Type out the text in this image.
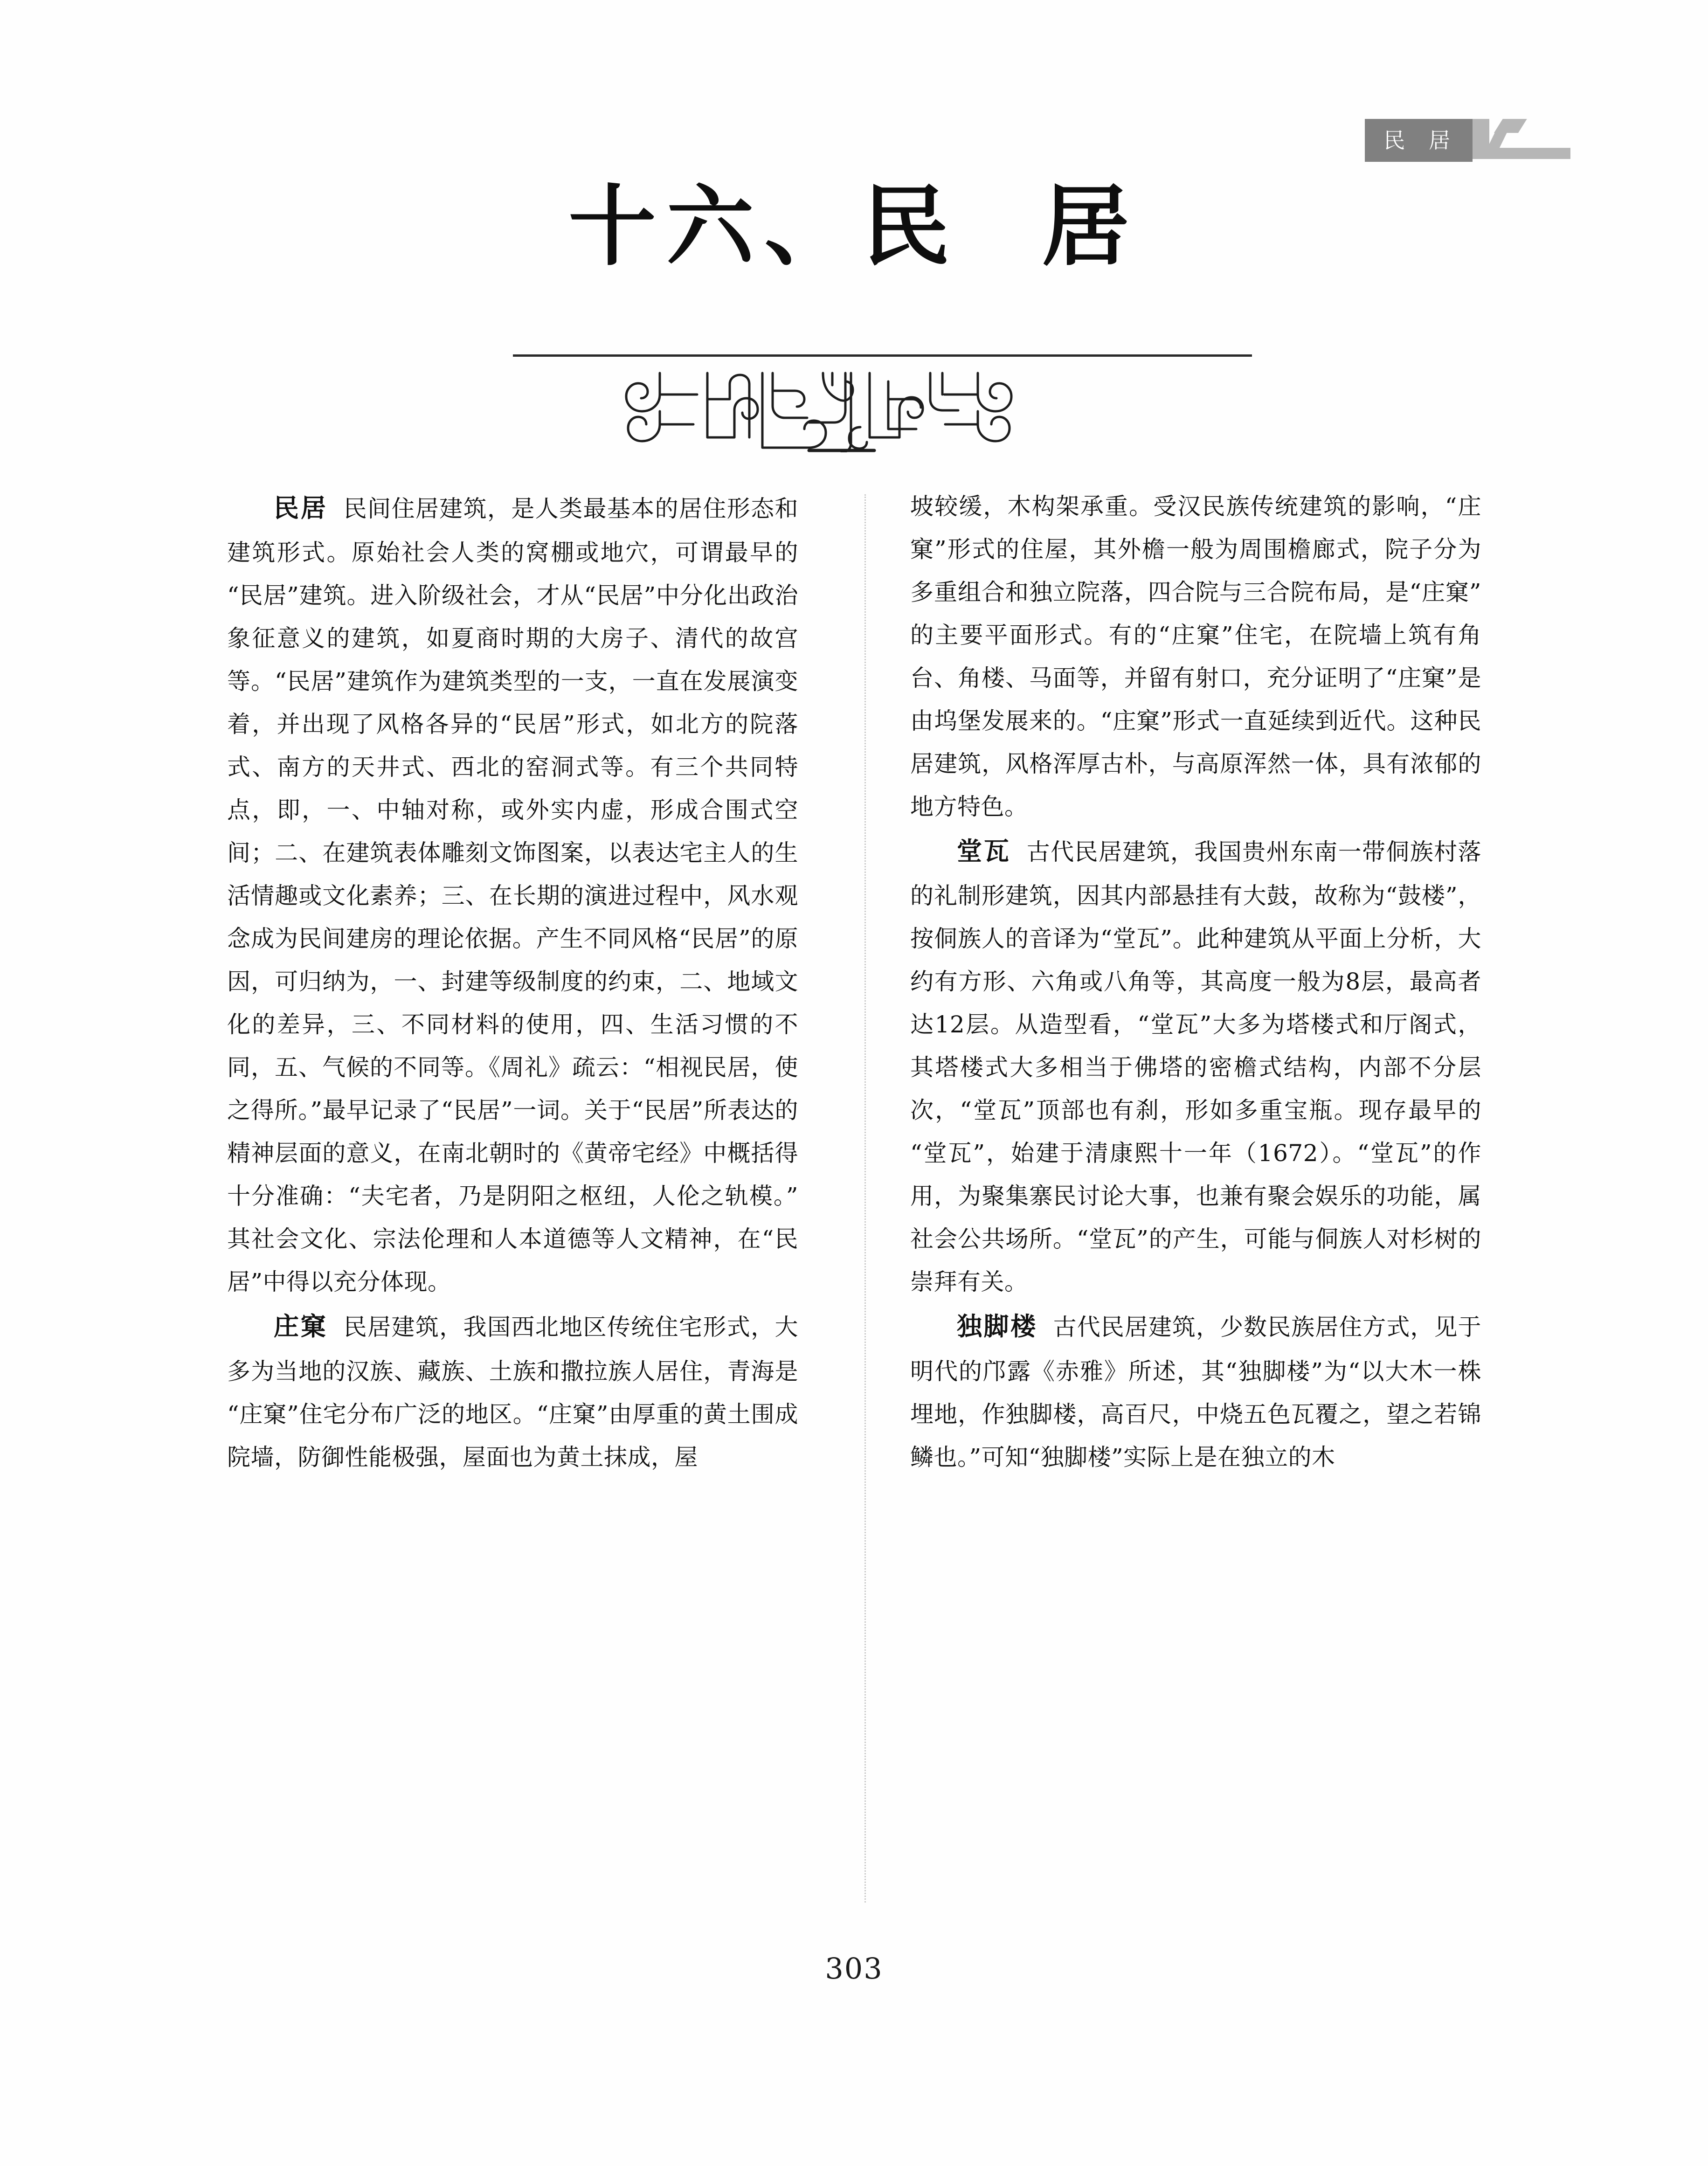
民 居
十六、民  居

民居 民间住居建筑，是人类最基本的居住形态和建筑形式。原始社会人类的窝棚或地穴，可谓最早的“民居”建筑。进入阶级社会，才从“民居”中分化出政治象征意义的建筑，如夏商时期的大房子、清代的故宫等。“民居”建筑作为建筑类型的一支，一直在发展演变着，并出现了风格各异的“民居”形式，如北方的院落式、南方的天井式、西北的窑洞式等。有三个共同特点，即，一、中轴对称，或外实内虚，形成合围式空间；二、在建筑表体雕刻文饰图案，以表达宅主人的生活情趣或文化素养；三、在长期的演进过程中，风水观念成为民间建房的理论依据。产生不同风格“民居”的原因，可归纳为，一、封建等级制度的约束，二、地域文化的差异，三、不同材料的使用，四、生活习惯的不同，五、气候的不同等。《周礼》疏云：“相视民居，使之得所。”最早记录了“民居”一词。关于“民居”所表达的精神层面的意义，在南北朝时的《黄帝宅经》中概括得十分准确：“夫宅者，乃是阴阳之枢纽，人伦之轨模。”其社会文化、宗法伦理和人本道德等人文精神，在“民居”中得以充分体现。

庄窠 民居建筑，我国西北地区传统住宅形式，大多为当地的汉族、藏族、土族和撒拉族人居住，青海是“庄窠”住宅分布广泛的地区。“庄窠”由厚重的黄土围成院墙，防御性能极强，屋面也为黄土抹成，屋

坡较缓，木构架承重。受汉民族传统建筑的影响，“庄窠”形式的住屋，其外檐一般为周围檐廊式，院子分为多重组合和独立院落，四合院与三合院布局，是“庄窠”的主要平面形式。有的“庄窠”住宅，在院墙上筑有角台、角楼、马面等，并留有射口，充分证明了“庄窠”是由坞堡发展来的。“庄窠”形式一直延续到近代。这种民居建筑，风格浑厚古朴，与高原浑然一体，具有浓郁的地方特色。

堂瓦 古代民居建筑，我国贵州东南一带侗族村落的礼制形建筑，因其内部悬挂有大鼓，故称为“鼓楼”，按侗族人的音译为“堂瓦”。此种建筑从平面上分析，大约有方形、六角或八角等，其高度一般为8层，最高者达12层。从造型看，“堂瓦”大多为塔楼式和厅阁式，其塔楼式大多相当于佛塔的密檐式结构，内部不分层次，“堂瓦”顶部也有刹，形如多重宝瓶。现存最早的“堂瓦”，始建于清康熙十一年（1672）。“堂瓦”的作用，为聚集寨民讨论大事，也兼有聚会娱乐的功能，属社会公共场所。“堂瓦”的产生，可能与侗族人对杉树的崇拜有关。

独脚楼 古代民居建筑，少数民族居住方式，见于明代的邝露《赤雅》所述，其“独脚楼”为“以大木一株埋地，作独脚楼，高百尺，中烧五色瓦覆之，望之若锦鳞也。”可知“独脚楼”实际上是在独立的木

303
